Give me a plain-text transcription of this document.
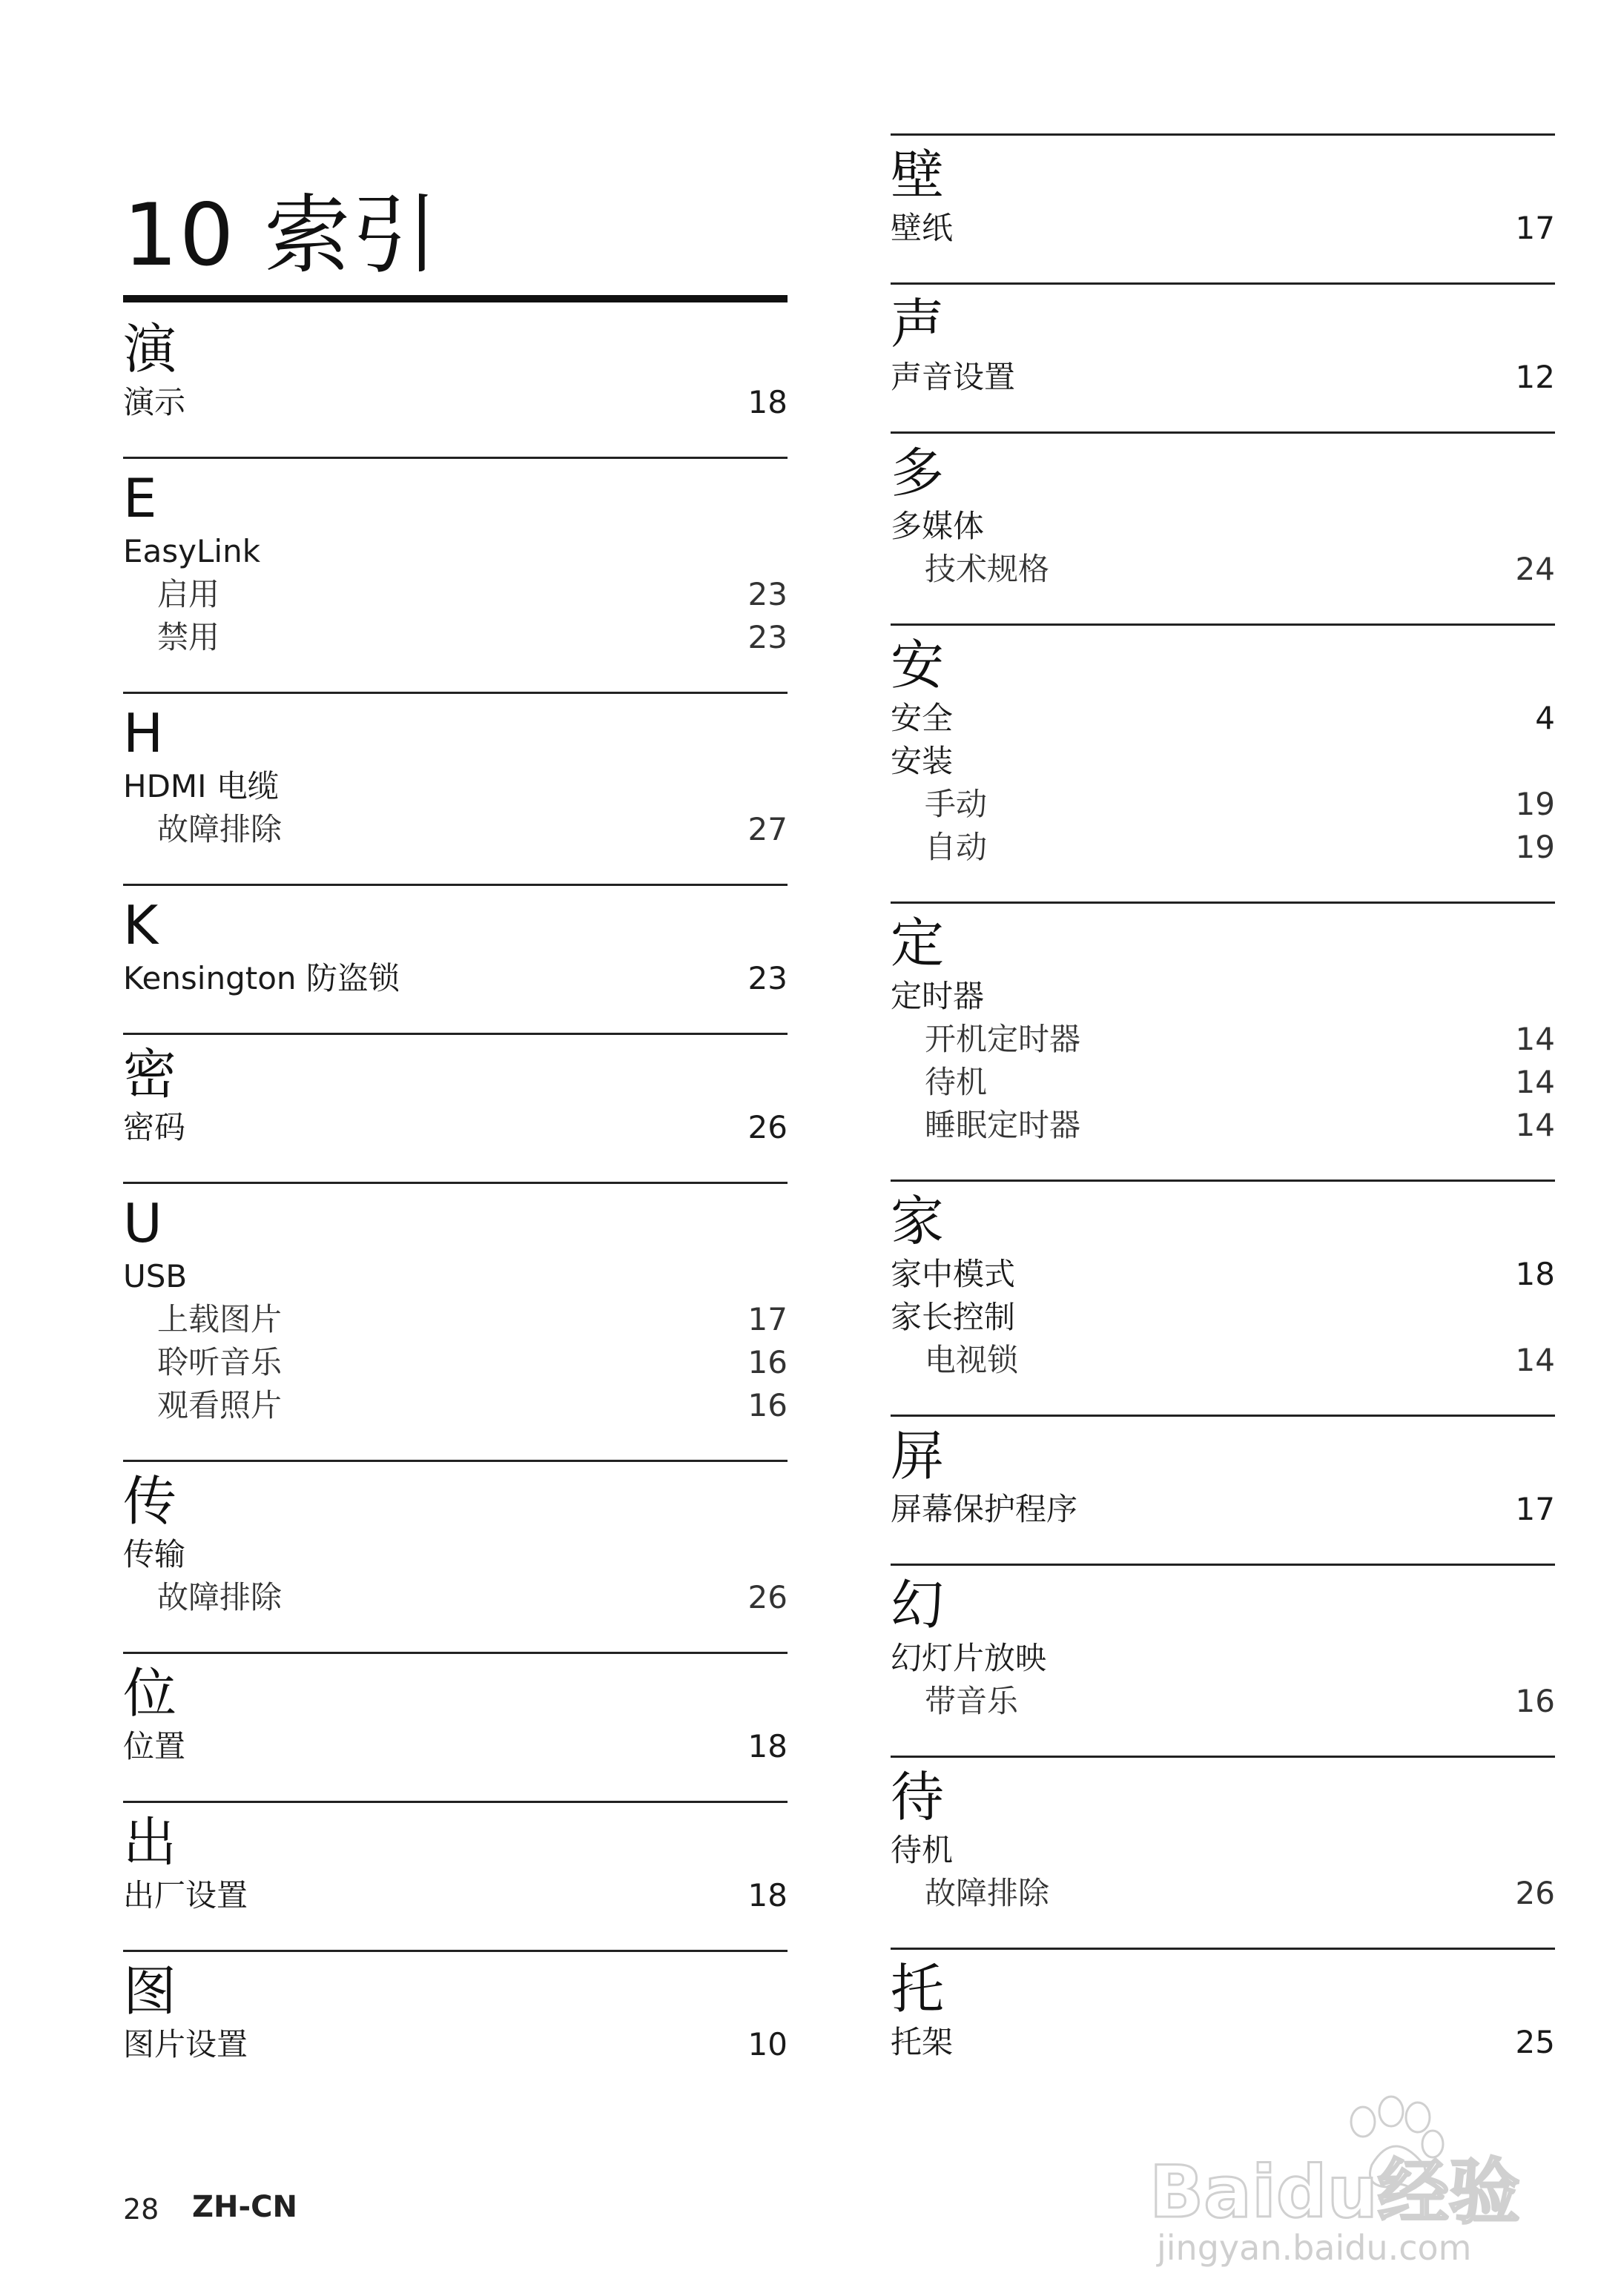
10 索引
演
演示	18
E
EasyLink
启用	23
禁用	23
H
HDMI 电缆
故障排除	27
K
Kensington 防盗锁	23
密
密码	26
U
USB
上载图片	17
聆听音乐	16
观看照片	16
传
传输
故障排除	26
位
位置	18
出
出厂设置	18
图
图片设置	10
壁
壁纸	17
声
声音设置	12
多
多媒体
技术规格	24
安
安全	4
安装
手动	19
自动	19
定
定时器
开机定时器	14
待机	14
睡眠定时器	14
家
家中模式	18
家长控制
电视锁	14
屏
屏幕保护程序	17
幻
幻灯片放映
带音乐	16
待
待机
故障排除	26
托
托架	25
28 ZH-CN	Baidu经验
jingyan.baidu.com
